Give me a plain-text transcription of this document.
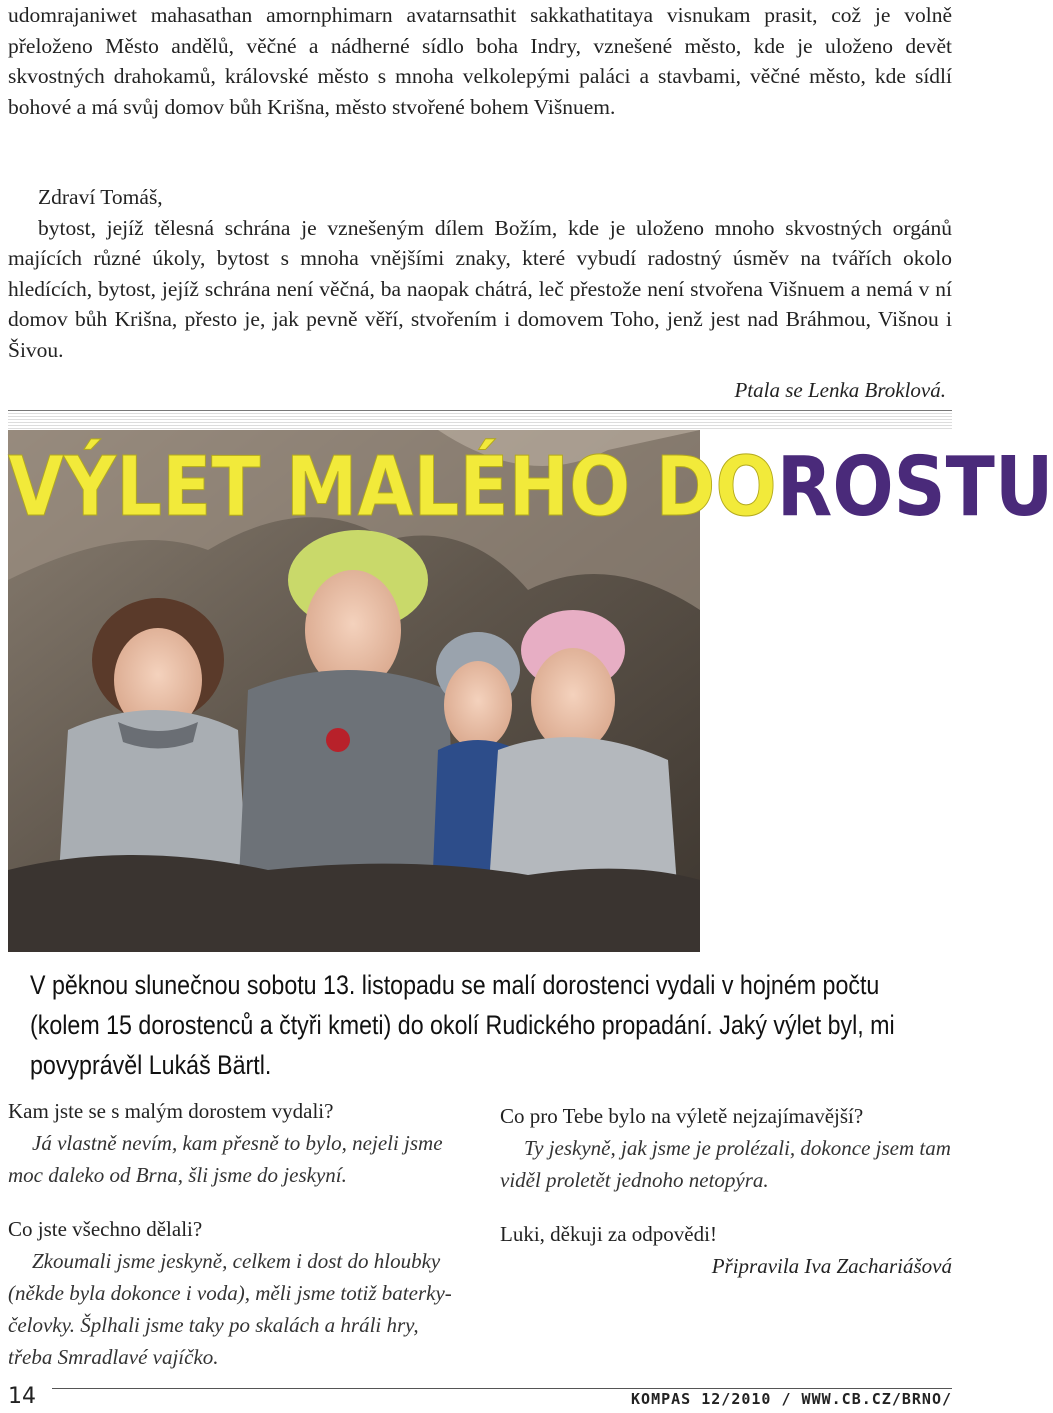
udomrajaniwet mahasathan amornphimarn avatarnsathit sakkathatitaya visnukam prasit, což je volně přeloženo Město andělů, věčné a nádherné sídlo boha Indry, vznešené město, kde je uloženo devět skvostných drahokamů, královské město s mnoha velkolepými paláci a stavbami, věčné město, kde sídlí bohové a má svůj domov bůh Krišna, město stvořené bohem Višnuem.
Zdraví Tomáš,
bytost, jejíž tělesná schrána je vznešeným dílem Božím, kde je uloženo mnoho skvostných orgánů majících různé úkoly, bytost s mnoha vnějšími znaky, které vybudí radostný úsměv na tvářích okolo hledících, bytost, jejíž schrána není věčná, ba naopak chátrá, leč přestože není stvořena Višnuem a nemá v ní domov bůh Krišna, přesto je, jak pevně věří, stvořením i domovem Toho, jenž jest nad Bráhmou, Višnou i Šivou.
Ptala se Lenka Broklová.
VÝLET MALÉHO DOROSTU
V pěknou slunečnou sobotu 13. listopadu se malí dorostenci vydali v hojném počtu (kolem 15 dorostenců a čtyři kmeti) do okolí Rudického propadání. Jaký výlet byl, mi povyprávěl Lukáš Bärtl.
Kam jste se s malým dorostem vydali?
Já vlastně nevím, kam přesně to bylo, nejeli jsme moc daleko od Brna, šli jsme do jeskyní.
Co jste všechno dělali?
Zkoumali jsme jeskyně, celkem i dost do hloubky (někde byla dokonce i voda), měli jsme totiž baterky-čelovky. Šplhali jsme taky po skalách a hráli hry, třeba Smradlavé vajíčko.
Co pro Tebe bylo na výletě nejzajímavější?
Ty jeskyně, jak jsme je prolézali, dokonce jsem tam viděl proletět jednoho netopýra.
Luki, děkuji za odpovědi!
Připravila Iva Zachariášová
14	KOMPAS 12/2010 / WWW.CB.CZ/BRNO/
